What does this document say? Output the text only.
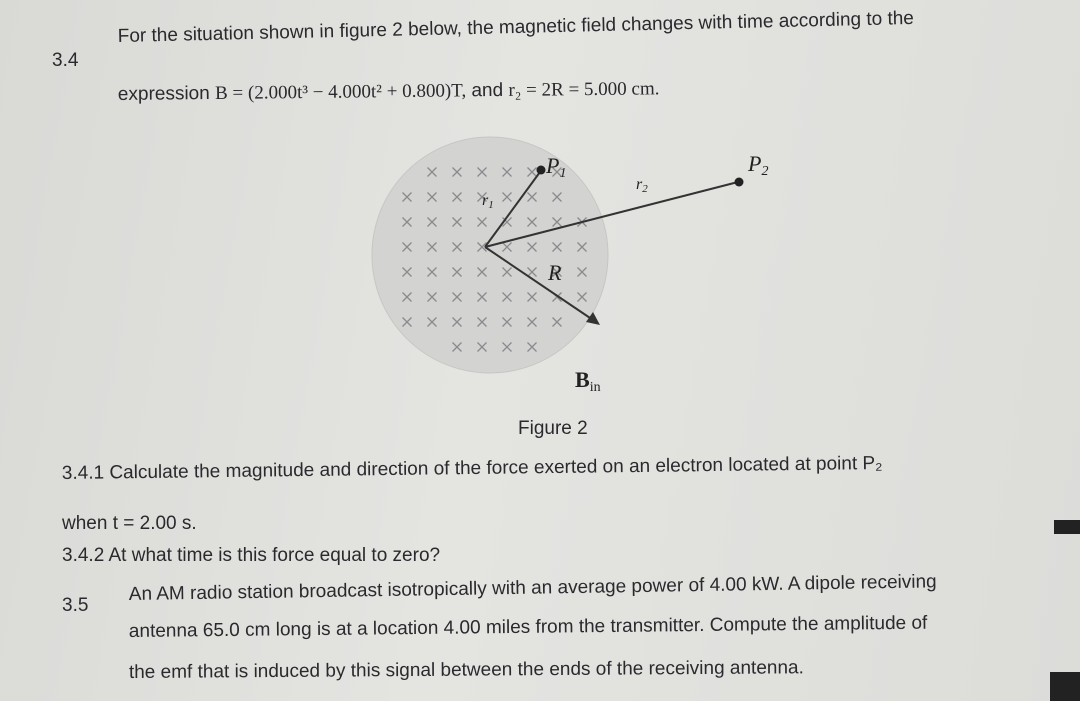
3.4
For the situation shown in figure 2 below, the magnetic field changes with time according to the
expression B = (2.000t³ − 4.000t² + 0.800)T, and r₂ = 2R = 5.000 cm.
P1	P2
r1
r2
R
Bin
Figure 2
3.4.1 Calculate the magnitude and direction of the force exerted on an electron located at point P₂
when t = 2.00 s.
3.4.2 At what time is this force equal to zero?
3.5
An AM radio station broadcast isotropically with an average power of 4.00 kW. A dipole receiving
antenna 65.0 cm long is at a location 4.00 miles from the transmitter. Compute the amplitude of
the emf that is induced by this signal between the ends of the receiving antenna.
